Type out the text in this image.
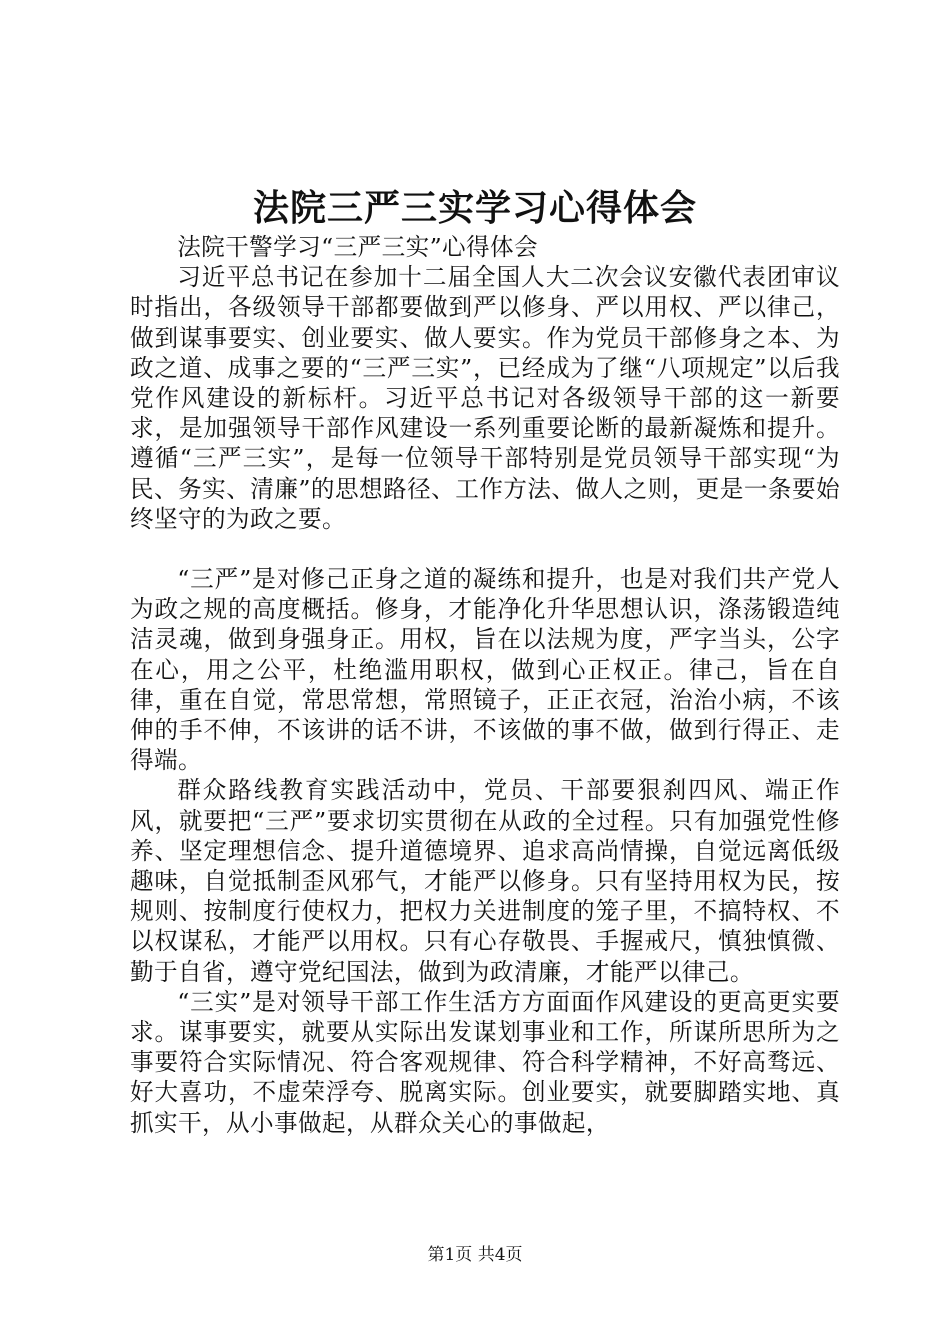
法院三严三实学习心得体会

法院干警学习“三严三实”心得体会

习近平总书记在参加十二届全国人大二次会议安徽代表团审议时指出，各级领导干部都要做到严以修身、严以用权、严以律己，做到谋事要实、创业要实、做人要实。作为党员干部修身之本、为政之道、成事之要的“三严三实”，已经成为了继“八项规定”以后我党作风建设的新标杆。习近平总书记对各级领导干部的这一新要求，是加强领导干部作风建设一系列重要论断的最新凝炼和提升。遵循“三严三实”，是每一位领导干部特别是党员领导干部实现“为民、务实、清廉”的思想路径、工作方法、做人之则，更是一条要始终坚守的为政之要。

“三严”是对修己正身之道的凝练和提升，也是对我们共产党人为政之规的高度概括。修身，才能净化升华思想认识，涤荡锻造纯洁灵魂，做到身强身正。用权，旨在以法规为度，严字当头，公字在心，用之公平，杜绝滥用职权，做到心正权正。律己，旨在自律，重在自觉，常思常想，常照镜子，正正衣冠，治治小病，不该伸的手不伸，不该讲的话不讲，不该做的事不做，做到行得正、走得端。

群众路线教育实践活动中，党员、干部要狠刹四风、端正作风，就要把“三严”要求切实贯彻在从政的全过程。只有加强党性修养、坚定理想信念、提升道德境界、追求高尚情操，自觉远离低级趣味，自觉抵制歪风邪气，才能严以修身。只有坚持用权为民，按规则、按制度行使权力，把权力关进制度的笼子里，不搞特权、不以权谋私，才能严以用权。只有心存敬畏、手握戒尺，慎独慎微、勤于自省，遵守党纪国法，做到为政清廉，才能严以律己。

“三实”是对领导干部工作生活方方面面作风建设的更高更实要求。谋事要实，就要从实际出发谋划事业和工作，所谋所思所为之事要符合实际情况、符合客观规律、符合科学精神，不好高骛远、好大喜功，不虚荣浮夸、脱离实际。创业要实，就要脚踏实地、真抓实干，从小事做起，从群众关心的事做起，

第1页 共4页
